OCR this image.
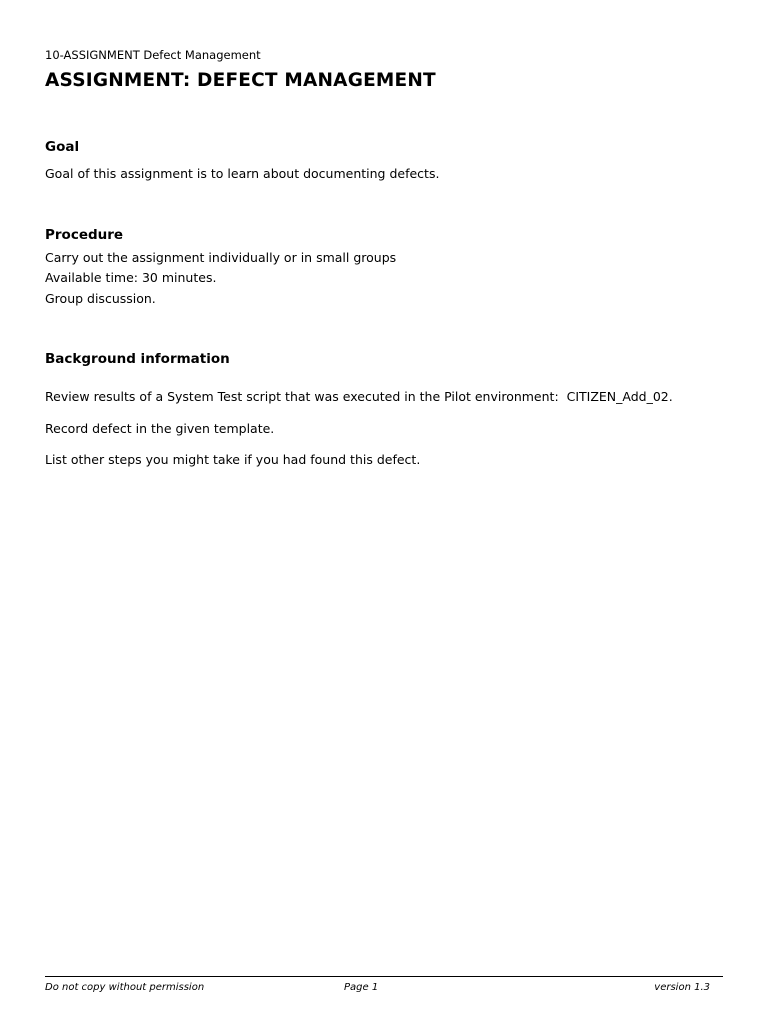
10-ASSIGNMENT Defect Management
ASSIGNMENT: DEFECT MANAGEMENT
Goal

Goal of this assignment is to learn about documenting defects.

Procedure

Carry out the assignment individually or in small groups

Available time: 30 minutes.

Group discussion.

Background information

Review results of a System Test script that was executed in the Pilot environment:  CITIZEN_Add_02.

Record defect in the given template.

List other steps you might take if you had found this defect.

Do not copy without permission	Page 1	version 1.3
